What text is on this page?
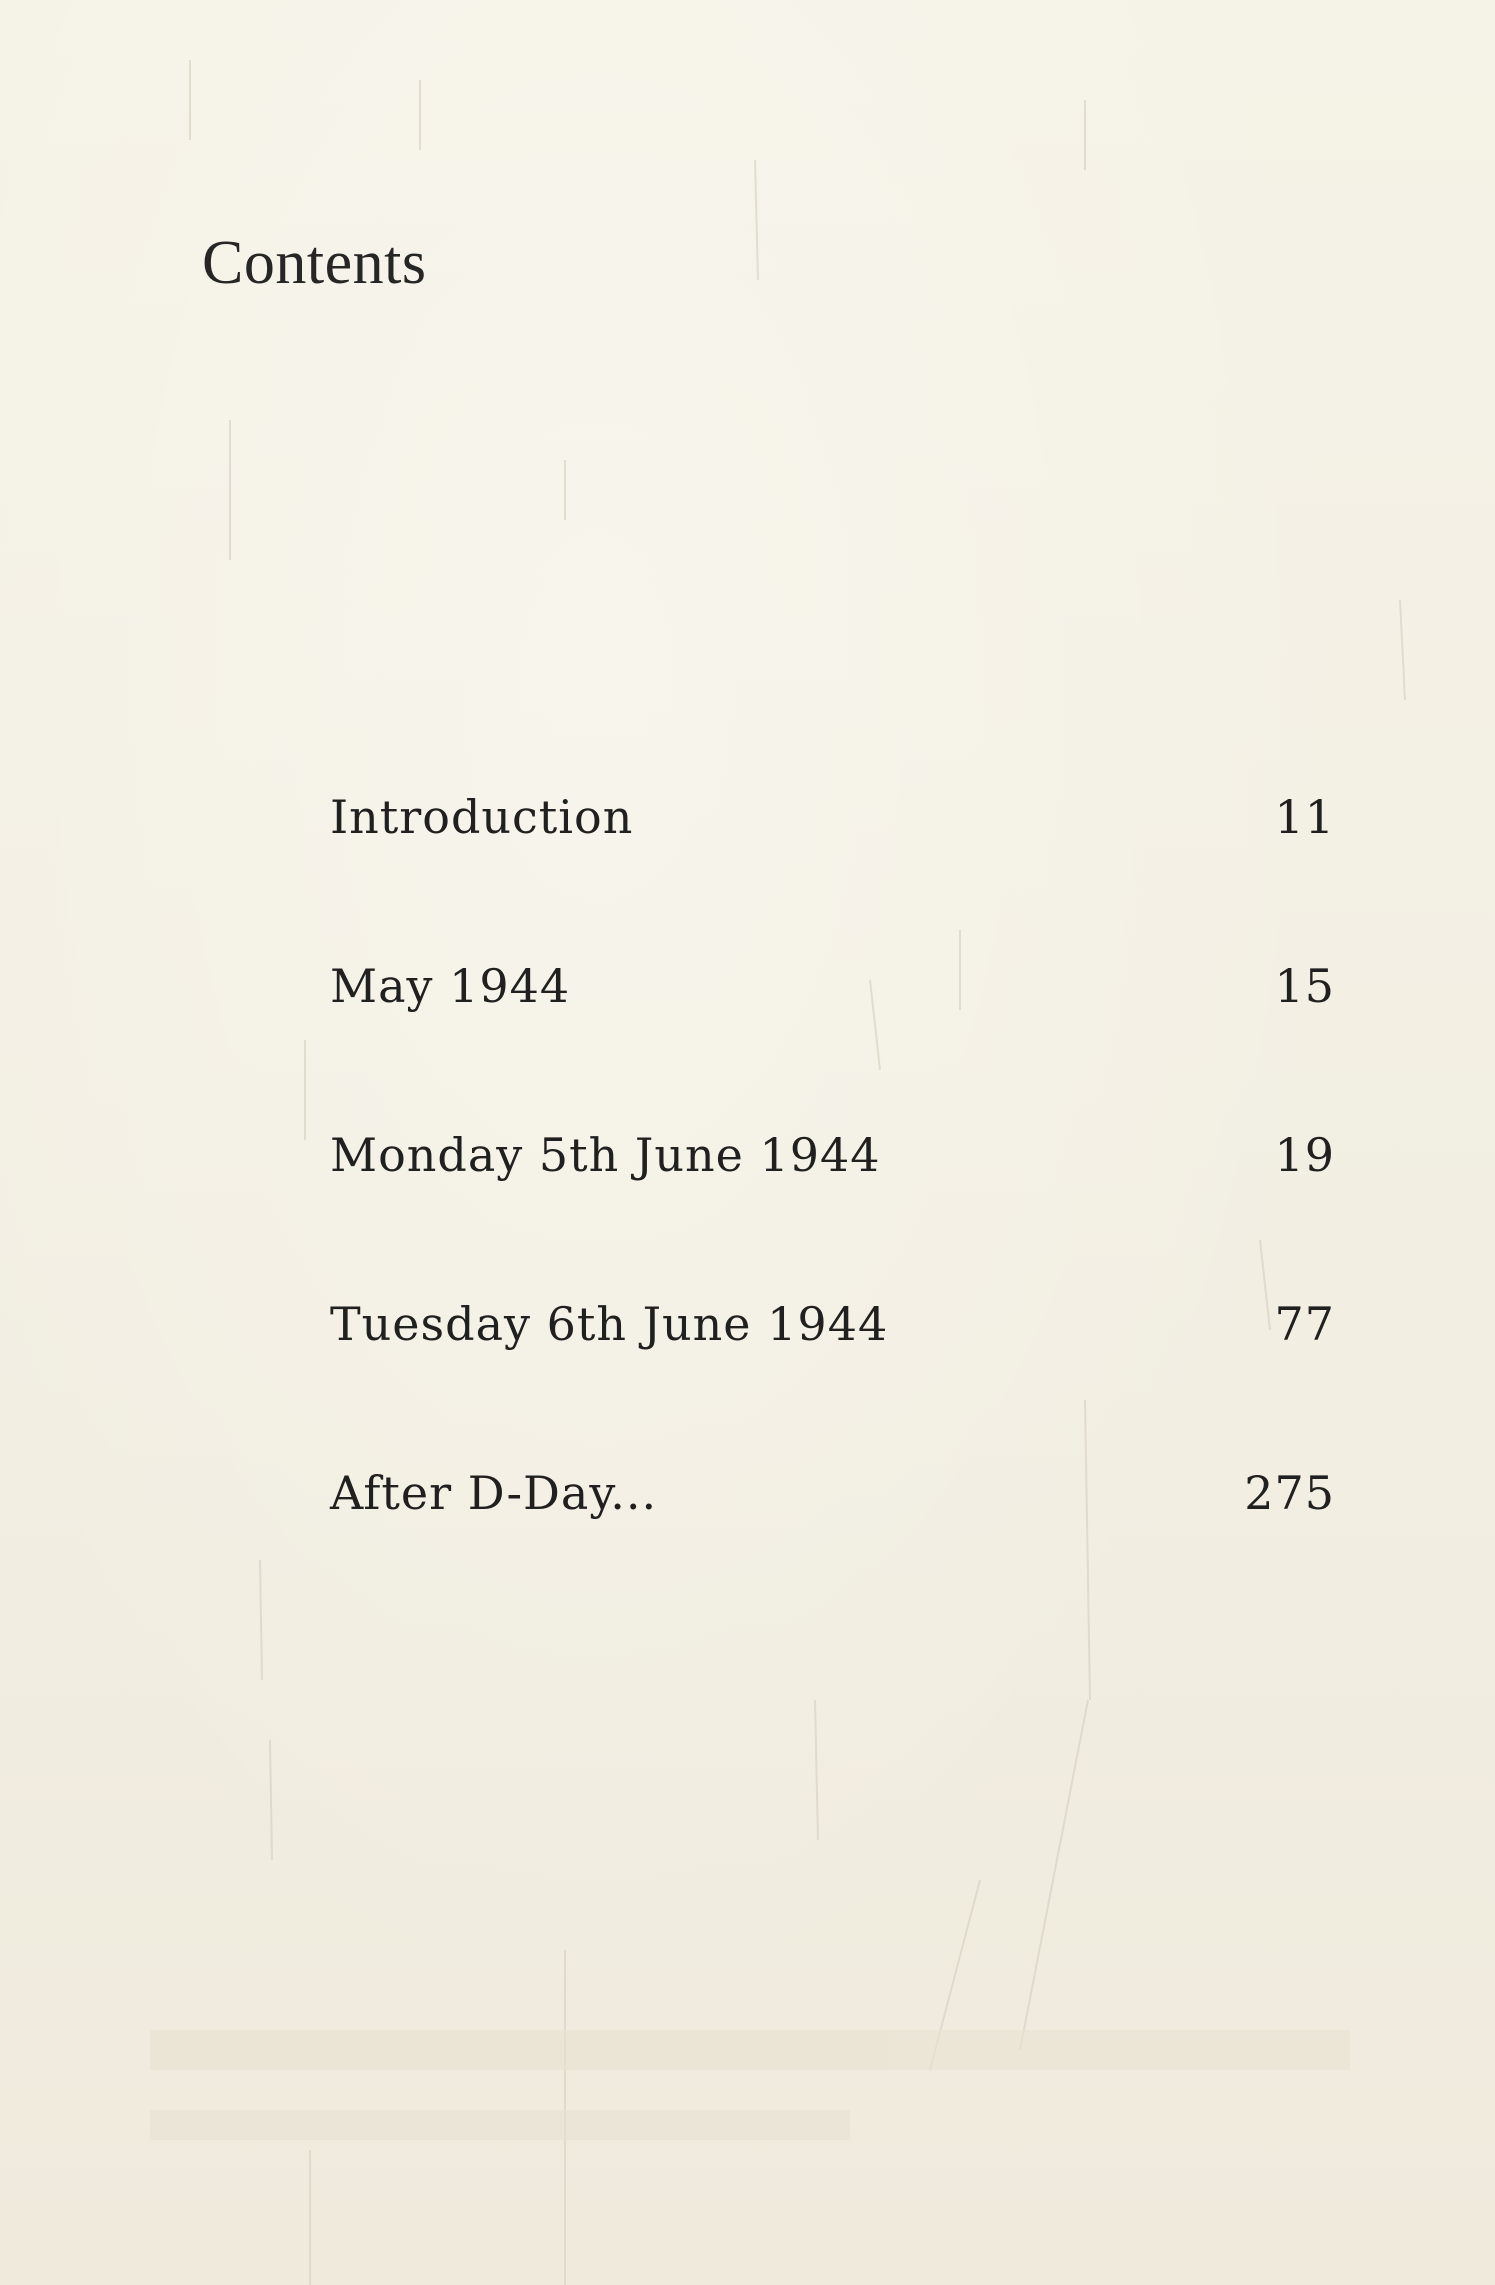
Contents
Introduction	11
May 1944	15
Monday 5th June 1944	19
Tuesday 6th June 1944	77
After D-Day...	275
